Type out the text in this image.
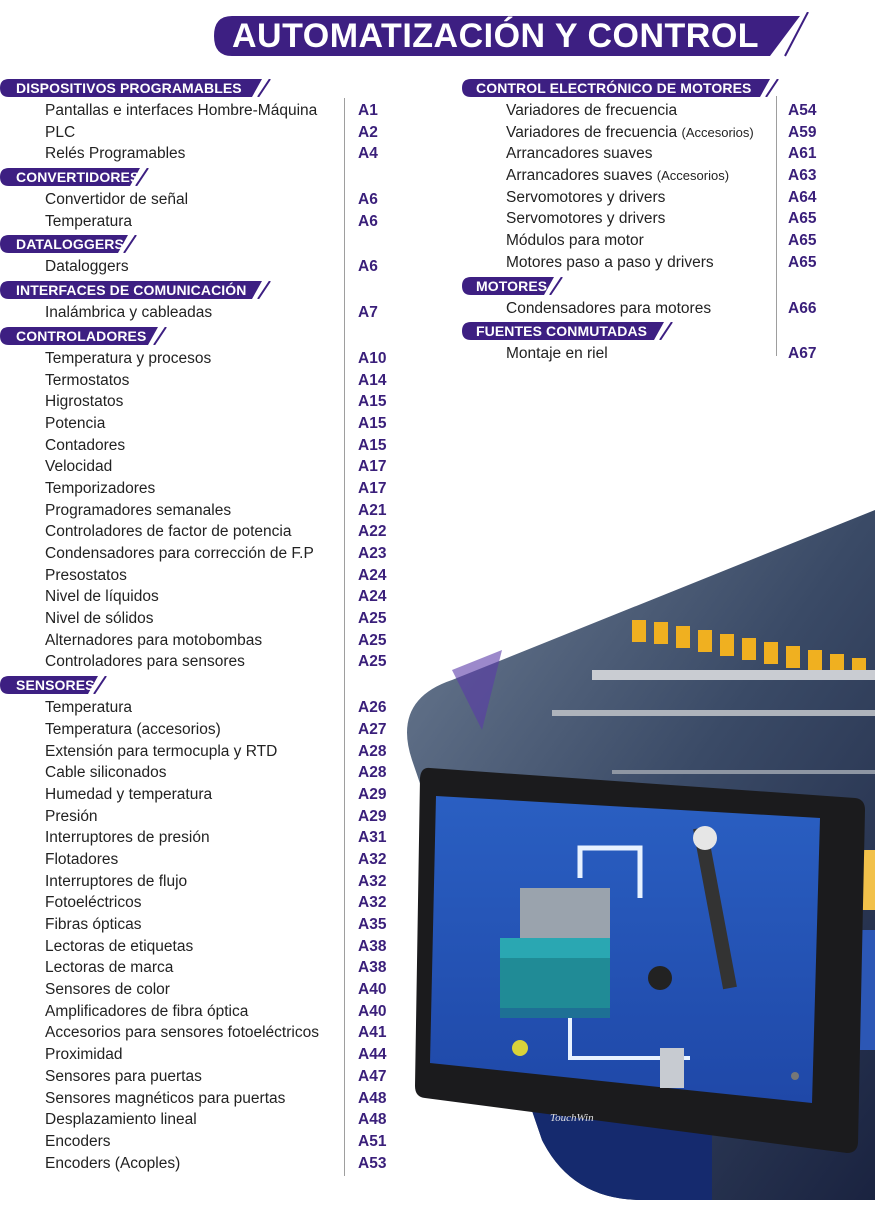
AUTOMATIZACIÓN Y CONTROL
DISPOSITIVOS PROGRAMABLES
Pantallas e interfaces Hombre-Máquina	A1
PLC	A2
Relés Programables	A4
CONVERTIDORES
Convertidor de señal	A6
Temperatura	A6
DATALOGGERS
Dataloggers	A6
INTERFACES DE COMUNICACIÓN
Inalámbrica y cableadas	A7
CONTROLADORES
Temperatura y procesos	A10
Termostatos	A14
Higrostatos	A15
Potencia	A15
Contadores	A15
Velocidad	A17
Temporizadores	A17
Programadores semanales	A21
Controladores de factor de potencia	A22
Condensadores para corrección de F.P	A23
Presostatos	A24
Nivel de líquidos	A24
Nivel de sólidos	A25
Alternadores para motobombas	A25
Controladores para sensores	A25
SENSORES
Temperatura	A26
Temperatura (accesorios)	A27
Extensión para termocupla y RTD	A28
Cable siliconados	A28
Humedad y temperatura	A29
Presión	A29
Interruptores de presión	A31
Flotadores	A32
Interruptores de flujo	A32
Fotoeléctricos	A32
Fibras ópticas	A35
Lectoras de etiquetas	A38
Lectoras de marca	A38
Sensores de color	A40
Amplificadores de fibra óptica	A40
Accesorios para sensores fotoeléctricos	A41
Proximidad	A44
Sensores para puertas	A47
Sensores magnéticos para puertas	A48
Desplazamiento lineal	A48
Encoders	A51
Encoders (Acoples)	A53
CONTROL ELECTRÓNICO DE MOTORES
Variadores de frecuencia	A54
Variadores de frecuencia (Accesorios) A59
Arrancadores suaves	A61
Arrancadores suaves (Accesorios)	A63
Servomotores y drivers	A64
Servomotores y drivers	A65
Módulos para motor	A65
Motores paso a paso y drivers	A65
MOTORES
Condensadores para motores	A66
FUENTES CONMUTADAS
Montaje en riel	A67
TouchWin
